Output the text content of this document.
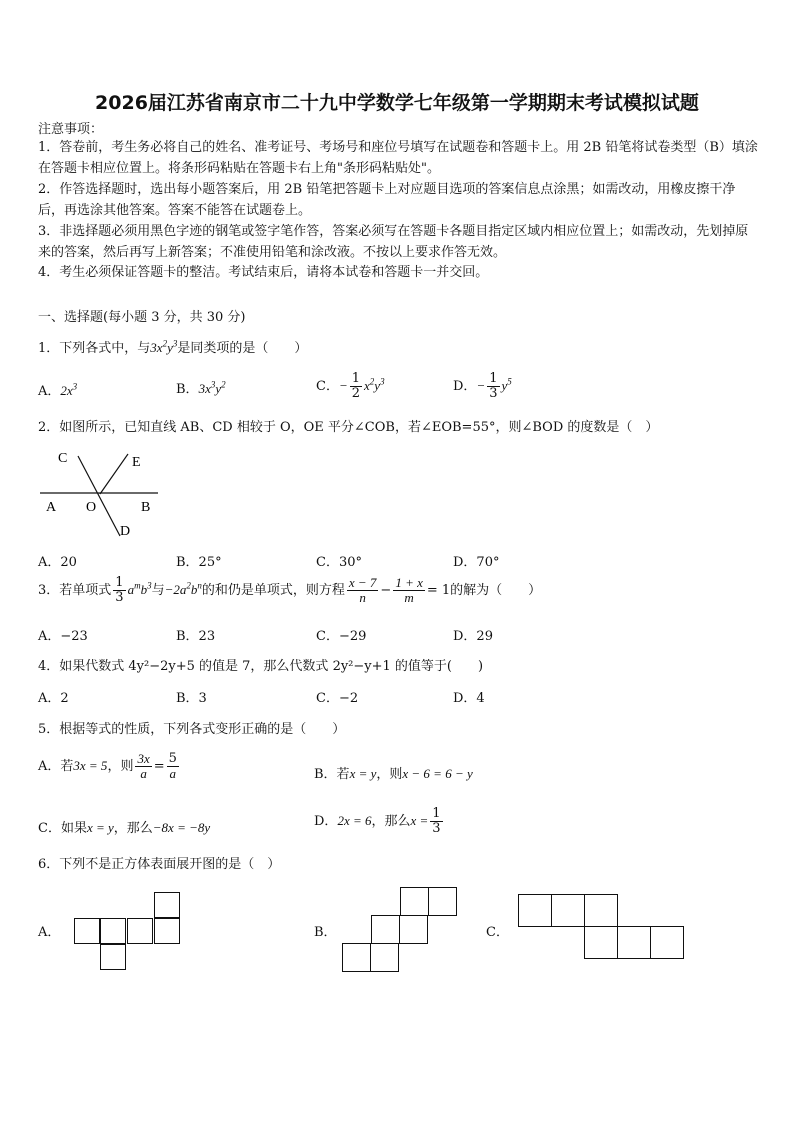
2026届江苏省南京市二十九中学数学七年级第一学期期末考试模拟试题
注意事项：
1．答卷前，考生务必将自己的姓名、准考证号、考场号和座位号填写在试题卷和答题卡上。用 2B 铅笔将试卷类型（B）填涂在答题卡相应位置上。将条形码粘贴在答题卡右上角"条形码粘贴处"。
2．作答选择题时，选出每小题答案后，用 2B 铅笔把答题卡上对应题目选项的答案信息点涂黑；如需改动，用橡皮擦干净后，再选涂其他答案。答案不能答在试题卷上。
3．非选择题必须用黑色字迹的钢笔或签字笔作答，答案必须写在答题卡各题目指定区域内相应位置上；如需改动，先划掉原来的答案，然后再写上新答案；不准使用铅笔和涂改液。不按以上要求作答无效。
4．考生必须保证答题卡的整洁。考试结束后，请将本试卷和答题卡一并交回。
一、选择题(每小题 3 分，共 30 分)
1．下列各式中，与$3x^2y^3$是同类项的是（　　）
A．$2x^3$	B．$3x^3y^2$	C．− $\frac{1}{2} x^2y^3$	D．− $\frac{1}{3} y^5$
2．如图所示，已知直线 AB、CD 相较于 O，OE 平分∠COB，若∠EOB=55°，则∠BOD 的度数是（　）
C	E
A O	B
D
A．20	B．25°	C．30°	D．70°
3．若单项式 $\frac{1}{3} a^mb^3$与$-2a^2b^n$的和仍是单项式，则方程 $\frac{x - 7}{n} - \frac{1 + x}{m} = 1$的解为（　　）
A．−23	B．23	C．−29	D．29
4．如果代数式 4y²−2y+5 的值是 7，那么代数式 2y²−y+1 的值等于(　　)
A．2	B．3	C．−2	D．4
5．根据等式的性质，下列各式变形正确的是（　　）
A．若3x = 5，则 $\frac{3x}{a} = \frac{5}{a}$	B．若x = y，则x − 6 = 6 − y
C．如果x = y，那么−8x = −8y	D．2x = 6，那么$x = \frac{1}{3}$
6．下列不是正方体表面展开图的是（　）
A．	B．	C．
